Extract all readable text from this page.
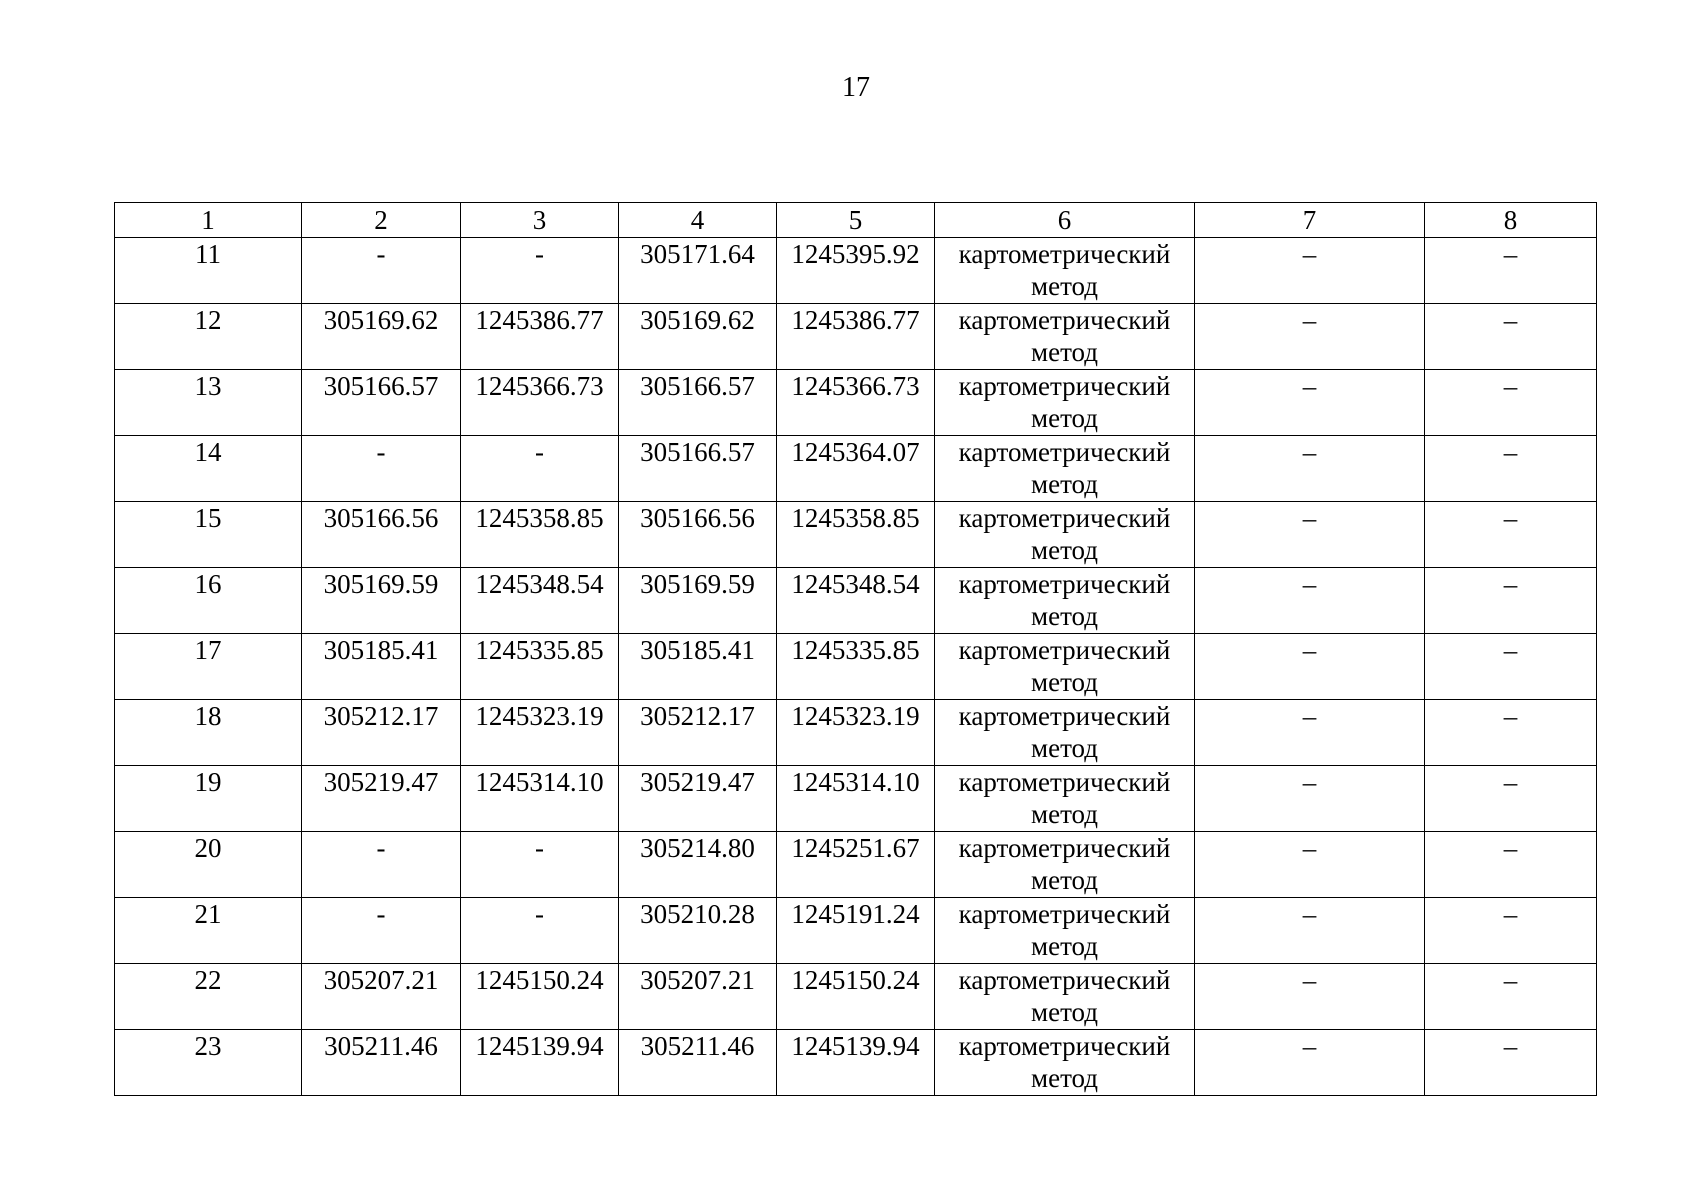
17
1	2	3	4	5	6	7	8
11	-	-	305171.64	1245395.92	картометрический метод	–	–
12	305169.62	1245386.77	305169.62	1245386.77	картометрический метод	–	–
13	305166.57	1245366.73	305166.57	1245366.73	картометрический метод	–	–
14	-	-	305166.57	1245364.07	картометрический метод	–	–
15	305166.56	1245358.85	305166.56	1245358.85	картометрический метод	–	–
16	305169.59	1245348.54	305169.59	1245348.54	картометрический метод	–	–
17	305185.41	1245335.85	305185.41	1245335.85	картометрический метод	–	–
18	305212.17	1245323.19	305212.17	1245323.19	картометрический метод	–	–
19	305219.47	1245314.10	305219.47	1245314.10	картометрический метод	–	–
20	-	-	305214.80	1245251.67	картометрический метод	–	–
21	-	-	305210.28	1245191.24	картометрический метод	–	–
22	305207.21	1245150.24	305207.21	1245150.24	картометрический метод	–	–
23	305211.46	1245139.94	305211.46	1245139.94	картометрический метод	–	–
